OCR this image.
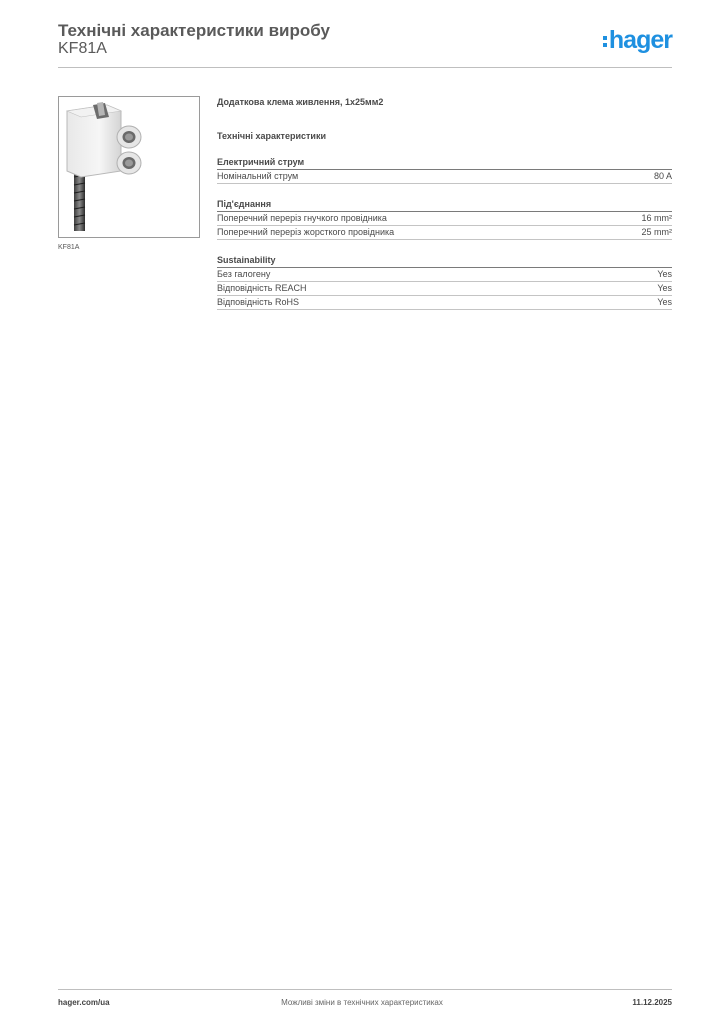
Технічні характеристики виробу
KF81A	hager
KF81A
Додаткова клема живлення, 1x25мм2
Технічні характеристики
Електричний струм
Номінальний струм	80 A
Під'єднання
Поперечний переріз гнучкого провідника	16 mm²
Поперечний переріз жорсткого провідника	25 mm²
Sustainability
Без галогену	Yes
Відповідність REACH	Yes
Відповідність RoHS	Yes
hager.com/ua	Можливі зміни в технічних характеристиках	11.12.2025
